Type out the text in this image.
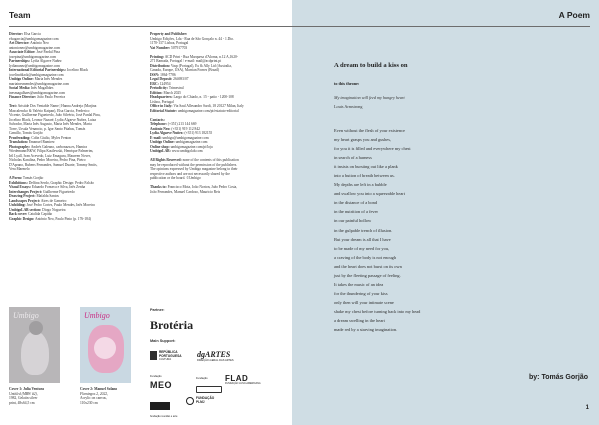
Team
Director: Elsa Garcia
elsagarcia@umbigomagazine.com
Art Director: António Neo
antonioneo@umbigomagazine.com
Associate Editor: José Pardal Pina
josepina@umbigomagazine.com
Partnerships: Lydia Algarve Nuñez
lydianunez@umbigomagazine.com
International Editorial Partnerships: Jocelino Black
jocelinoblack@umbigomagazine.com
Umbigo Online: Maria Inês Mendes
mariainesmendes@umbigomagazine.com
Social Media: Inês Magalhães
inesmagalhaes@umbigomagazine.com
Finance Director: João Paulo Ferreira
Text: Aristide Dos Ventable Name | Hanna Andreja (Marjina
Mascalencko & Valério Katpan), Elsa Garcia, Frederico
Vicente, Guilherme Figueiredo, João Silvério, José Pardal Pina,
Jocelino Black, Leonor Nazaré, Lydia Algarve Nuñez, Luiza
Salvador, Maria Inês Augusto, Maria Inês Mendes, Marta
Torre, Ursula Venancio, p. Igor Santo Pitabas, Tomás
Camillo, Tomás Gorjão
Proofreading: Colin Giulio, Myles Fenton
Translation: Emanuel Ramirez
Photography: Andrés Galeano, carbonaza.es, Hamira
Wiedemann/BKW, Filipa Kasilewski, Henrique Palmerim,
Iril Lyall, Ivan Acevedo, Luiz Emagura, Maureen Nover,
Nicholas Karalina, Pedro Moreira, Pedro Pina, Pietro
D'Aprano, Rubens Fernandes, Samuel Duarte, Tommy Smits,
Vera Marmelo
A Poem: Tomás Gorjão
Exhibitions: Delfina Serdo, Graphic Design: Pedro Falcão
Visual Essays: Eduardo Fonseca e Silva, Inês Zenha
Interchanges Project: Guilherme Figueiredo
Drawing Project: Mafalda Santos
Landscapes Project: Aires de Gameiro
Unfolding: José Pedro Cortes, Paulo Mendes, Inês Moreira
UmbigoLAB section: Diogo Nogueira
Back cover: Catalida Capitão
Graphic Design: António Neo, Paulo Pinto (p. 176-184)
Property and Publisher:
Umbigo Edições, Lda - Rua de São Gonçalo n. 44 - 1.Dto.
1170-137 Lisboa, Portugal
Vat Number: 507917703
Printing: ACD Print - Rua Marquesa d'Alorna, n.12 A,1620-
271 Ramada, Portugal / e-mail: mail@acdprint.pt
Distribution: Vasp (Portugal), Ex & Ally Ltd (Australia,
Canada, Europe, USA), Marrian Fornes (Brazil)
ISSN: 1864-7786
Legal Deposit: 264693/07
ERC: 124954
Periodicity: Trimestral
Edition: March 2025
Headquarters: Largo do Chiado, n. 15 - patio - 1200-108
Lisboa, Portugal
Office in Italy: Via Saul Allesandro Sardi, 18 20127 Milan, Italy
Editorial Statute: umbigomagazine.com/pt/estatuto-editorial
Contacts:
Telephone: (+351) 213 144 669
António Neo: (+351) 919 112 842
Lydia Algarve Nuñez: (+351) 913 182155
E-mail: umbigo@umbigomagazine.com
Umbigo Online: umbigomagazine.com
Online shop: umbigomagazine.com/pt/loja
UmbigoLAB: www.umbigolab.com
All Rights Reserved: none of the contents of this publication
may be reproduced without the permission of the publishers.
The opinions expressed by Umbigo magazine belong to their
respective authors and are not necessarily shared by the
publication or the board. ©Umbigo
Thanks to: Francisco Mota, João Norton, João Pedro Costa,
João Fernandes, Manuel Cardoso, Mauricio Reis
Umbigo	Umbigo
Cover 1: Julia Ventura
Untitled (MBW #2),
1982, Gelatin silver
print, 48x64,5 cm
Cover 2: Manuel Solano
Flamingos 2, 2022,
Acrylic on canvas,
110x230 cm
Partner:
Brotéria
Main Support:
REPÚBLICA
PORTUGUESA
CULTURA
dgARTES
DIREÇÃO-GERAL DAS ARTES
Fundação
MEO
Fundação	FLAD
FUNDAÇÃO LUSO-AMERICANA
fundação reunião e arte
FUNDAÇÃO
PLMJ
A Poem
A dream to build a kiss on
to this throne:
My imagination will feed my hungry heart
Louis Armstrong
Even without the flesh of your existence
my heart grasps you and gushes,
for you it is filled and everywhere my chest
in search of a harness
it insists on bursting out like a plank
into a button of breath between us.
My depths are left in a bubble
and swallow you into a squeezable heart
in the distance of a bond
in the nutrition of a fever
in our painful hollow
in the gulpable trench of illusion.
But your dream is all that I have
to be made of my need for you,
a craving of the body is not enough
and the heart does not burst on its own
just by the fleeting passage of feeling.
It takes the music of an idea
for the thundering of your kiss
only then will your intimate scene
shake my chest before turning back into my head
a dream swelling in the heart
made red by a starving imagination.
by: Tomás Gorjão
1
